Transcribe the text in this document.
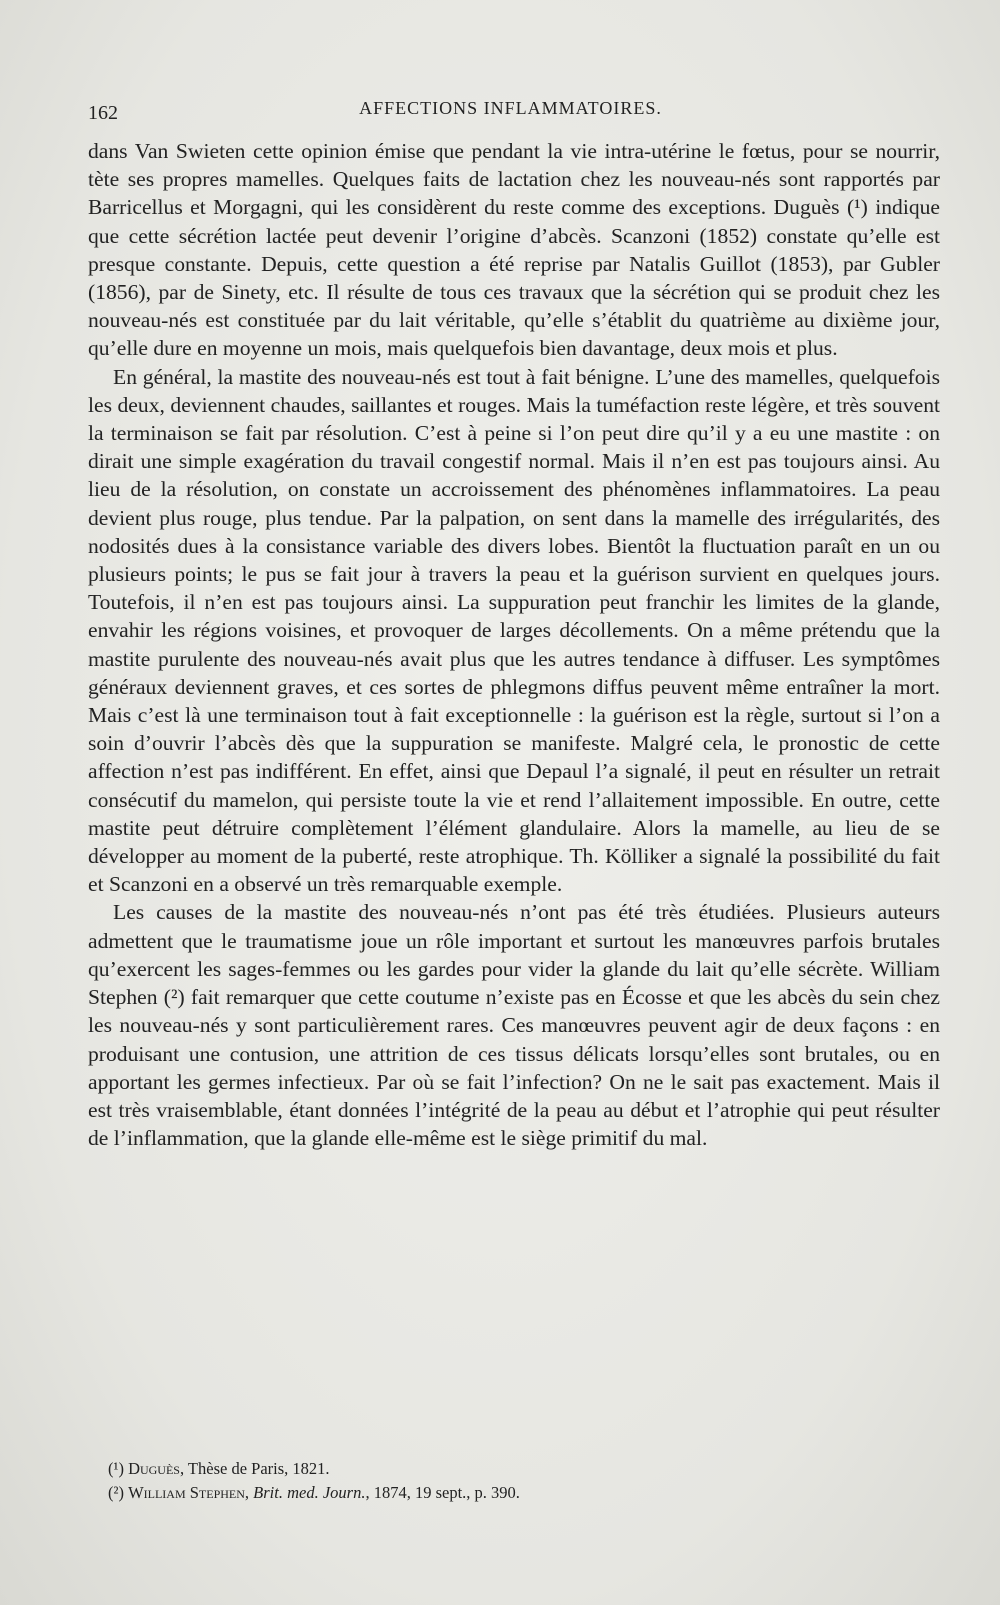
162	AFFECTIONS INFLAMMATOIRES.

dans Van Swieten cette opinion émise que pendant la vie intra-utérine le fœtus, pour se nourrir, tète ses propres mamelles. Quelques faits de lactation chez les nouveau-nés sont rapportés par Barricellus et Morgagni, qui les considèrent du reste comme des exceptions. Duguès (¹) indique que cette sécrétion lactée peut devenir l’origine d’abcès. Scanzoni (1852) constate qu’elle est presque constante. Depuis, cette question a été reprise par Natalis Guillot (1853), par Gubler (1856), par de Sinety, etc. Il résulte de tous ces travaux que la sécrétion qui se produit chez les nouveau-nés est constituée par du lait véritable, qu’elle s’établit du quatrième au dixième jour, qu’elle dure en moyenne un mois, mais quelquefois bien davantage, deux mois et plus.

En général, la mastite des nouveau-nés est tout à fait bénigne. L’une des mamelles, quelquefois les deux, deviennent chaudes, saillantes et rouges. Mais la tuméfaction reste légère, et très souvent la terminaison se fait par résolution. C’est à peine si l’on peut dire qu’il y a eu une mastite : on dirait une simple exagération du travail congestif normal. Mais il n’en est pas toujours ainsi. Au lieu de la résolution, on constate un accroissement des phénomènes inflammatoires. La peau devient plus rouge, plus tendue. Par la palpation, on sent dans la mamelle des irrégularités, des nodosités dues à la consistance variable des divers lobes. Bientôt la fluctuation paraît en un ou plusieurs points; le pus se fait jour à travers la peau et la guérison survient en quelques jours. Toutefois, il n’en est pas toujours ainsi. La suppuration peut franchir les limites de la glande, envahir les régions voisines, et provoquer de larges décollements. On a même prétendu que la mastite purulente des nouveau-nés avait plus que les autres tendance à diffuser. Les symptômes généraux deviennent graves, et ces sortes de phlegmons diffus peuvent même entraîner la mort. Mais c’est là une terminaison tout à fait exceptionnelle : la guérison est la règle, surtout si l’on a soin d’ouvrir l’abcès dès que la suppuration se manifeste. Malgré cela, le pronostic de cette affection n’est pas indifférent. En effet, ainsi que Depaul l’a signalé, il peut en résulter un retrait consécutif du mamelon, qui persiste toute la vie et rend l’allaitement impossible. En outre, cette mastite peut détruire complètement l’élément glandulaire. Alors la mamelle, au lieu de se développer au moment de la puberté, reste atrophique. Th. Kölliker a signalé la possibilité du fait et Scanzoni en a observé un très remarquable exemple.

Les causes de la mastite des nouveau-nés n’ont pas été très étudiées. Plusieurs auteurs admettent que le traumatisme joue un rôle important et surtout les manœuvres parfois brutales qu’exercent les sages-femmes ou les gardes pour vider la glande du lait qu’elle sécrète. William Stephen (²) fait remarquer que cette coutume n’existe pas en Écosse et que les abcès du sein chez les nouveau-nés y sont particulièrement rares. Ces manœuvres peuvent agir de deux façons : en produisant une contusion, une attrition de ces tissus délicats lorsqu’elles sont brutales, ou en apportant les germes infectieux. Par où se fait l’infection? On ne le sait pas exactement. Mais il est très vraisemblable, étant données l’intégrité de la peau au début et l’atrophie qui peut résulter de l’inflammation, que la glande elle-même est le siège primitif du mal.

(¹) Duguès, Thèse de Paris, 1821.

(²) William Stephen, Brit. med. Journ., 1874, 19 sept., p. 390.
